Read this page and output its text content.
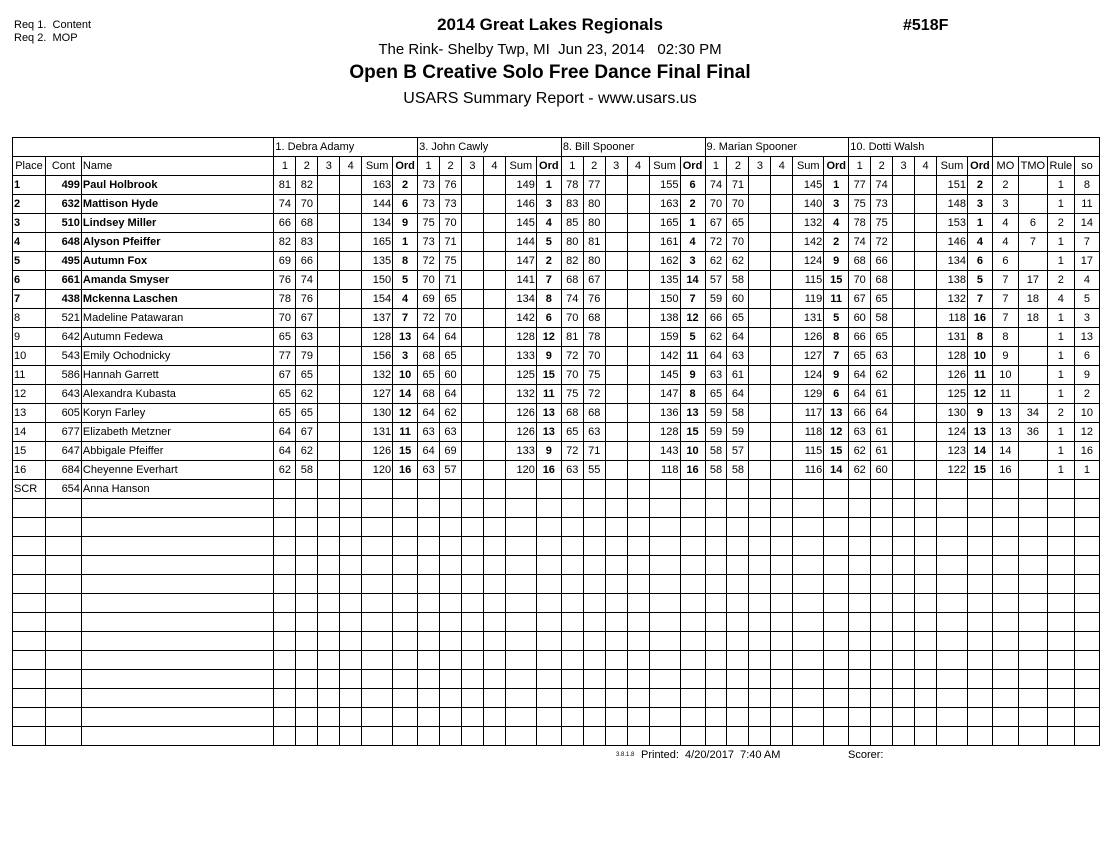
Req 1.  Content
Req 2.  MOP
2014 Great Lakes Regionals
The Rink- Shelby Twp, MI  Jun 23, 2014   02:30 PM
Open B Creative Solo Free Dance Final Final
USARS Summary Report - www.usars.us
#518F
			1. Debra Adamy						3. John Cawly						8. Bill Spooner						9. Marian Spooner						10. Dotti Walsh									
Place	Cont	Name	1	2	3	4	Sum	Ord	1	2	3	4	Sum	Ord	1	2	3	4	Sum	Ord	1	2	3	4	Sum	Ord	1	2	3	4	Sum	Ord	MO	TMO	Rule	so
1	499	Paul Holbrook	81	82			163	2	73	76			149	1	78	77			155	6	74	71			145	1	77	74			151	2	2		1	8
2	632	Mattison Hyde	74	70			144	6	73	73			146	3	83	80			163	2	70	70			140	3	75	73			148	3	3		1	11
3	510	Lindsey Miller	66	68			134	9	75	70			145	4	85	80			165	1	67	65			132	4	78	75			153	1	4	6	2	14
4	648	Alyson Pfeiffer	82	83			165	1	73	71			144	5	80	81			161	4	72	70			142	2	74	72			146	4	4	7	1	7
5	495	Autumn Fox	69	66			135	8	72	75			147	2	82	80			162	3	62	62			124	9	68	66			134	6	6		1	17
6	661	Amanda Smyser	76	74			150	5	70	71			141	7	68	67			135	14	57	58			115	15	70	68			138	5	7	17	2	4
7	438	Mckenna Laschen	78	76			154	4	69	65			134	8	74	76			150	7	59	60			119	11	67	65			132	7	7	18	4	5
8	521	Madeline Patawaran	70	67			137	7	72	70			142	6	70	68			138	12	66	65			131	5	60	58			118	16	7	18	1	3
9	642	Autumn Fedewa	65	63			128	13	64	64			128	12	81	78			159	5	62	64			126	8	66	65			131	8	8		1	13
10	543	Emily Ochodnicky	77	79			156	3	68	65			133	9	72	70			142	11	64	63			127	7	65	63			128	10	9		1	6
11	586	Hannah Garrett	67	65			132	10	65	60			125	15	70	75			145	9	63	61			124	9	64	62			126	11	10		1	9
12	643	Alexandra Kubasta	65	62			127	14	68	64			132	11	75	72			147	8	65	64			129	6	64	61			125	12	11		1	2
13	605	Koryn Farley	65	65			130	12	64	62			126	13	68	68			136	13	59	58			117	13	66	64			130	9	13	34	2	10
14	677	Elizabeth Metzner	64	67			131	11	63	63			126	13	65	63			128	15	59	59			118	12	63	61			124	13	13	36	1	12
15	647	Abbigale Pfeiffer	64	62			126	15	64	69			133	9	72	71			143	10	58	57			115	15	62	61			123	14	14		1	16
16	684	Cheyenne Everhart	62	58			120	16	63	57			120	16	63	55			118	16	58	58			116	14	62	60			122	15	16		1	1
SCR	654	Anna Hanson																																		

3.8.1.8 Printed:  4/20/2017  7:40 AM	Scorer:
